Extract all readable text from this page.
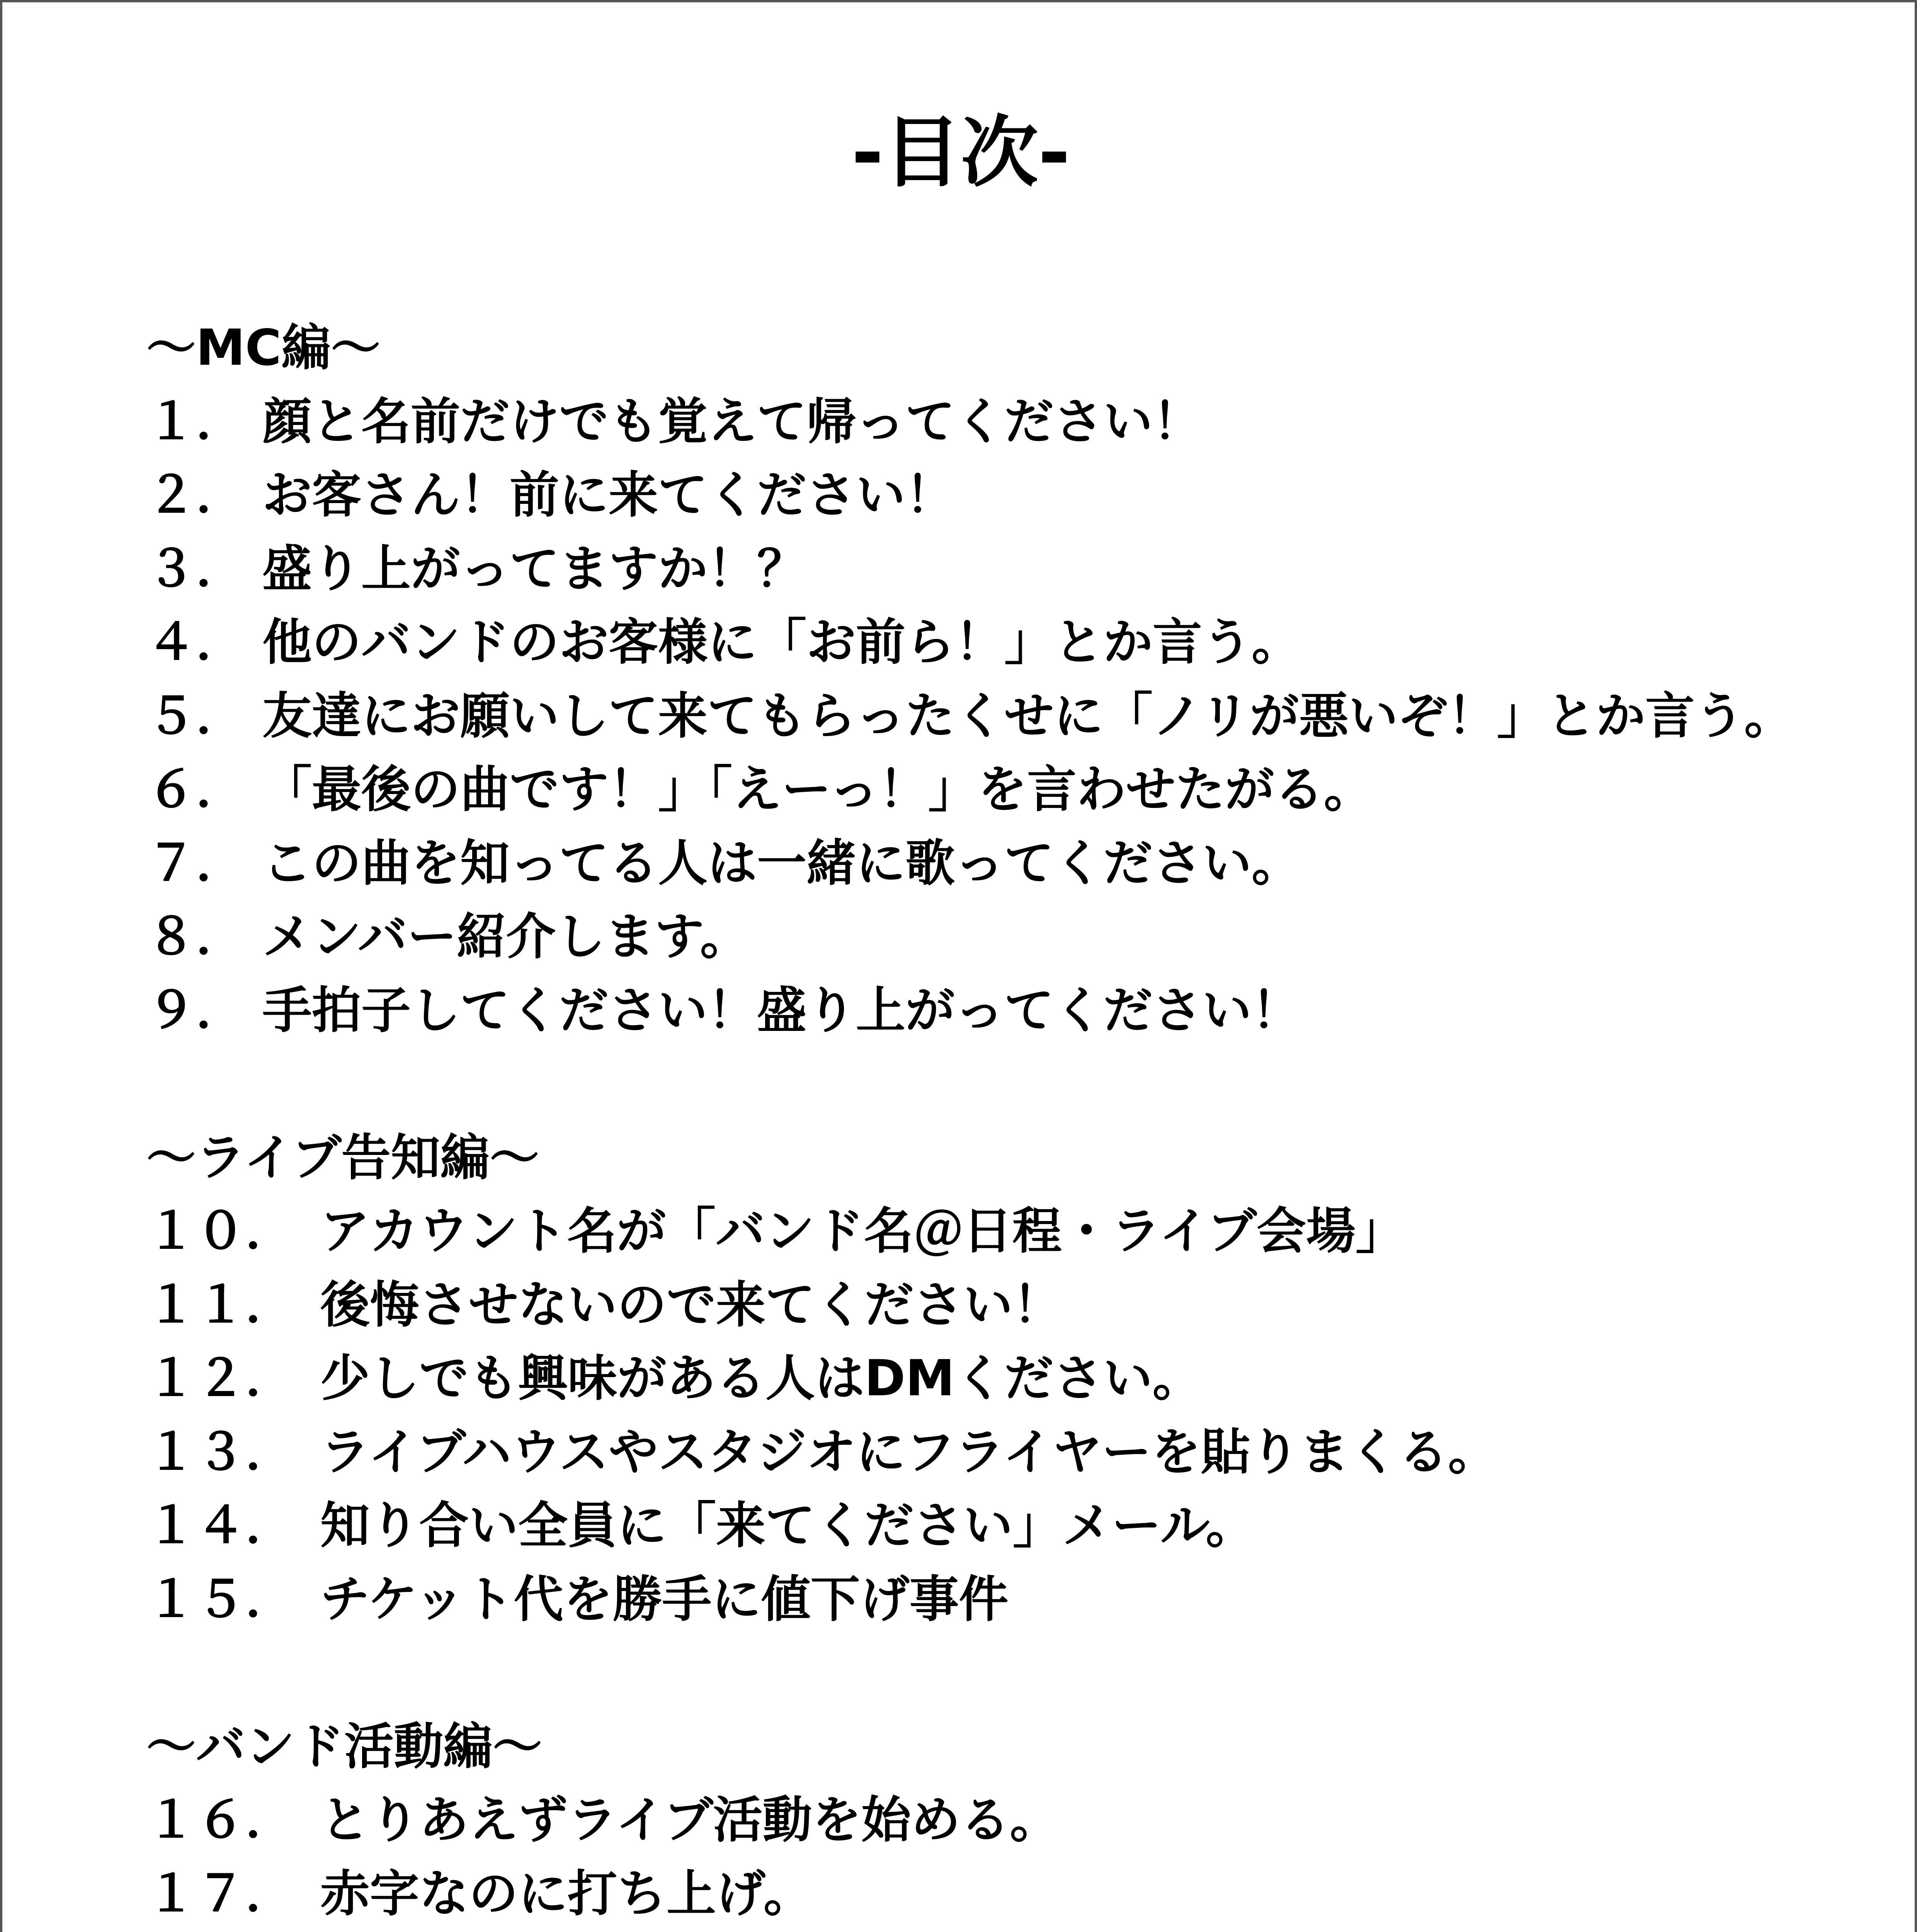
-目次-
～MC編～
１． 顔と名前だけでも覚えて帰ってください！
２． お客さん！前に来てください！
３． 盛り上がってますか！？
４． 他のバンドのお客様に「お前ら！」とか言う。
５． 友達にお願いして来てもらったくせに「ノリが悪いぞ！」とか言う。
６． 「最後の曲です！」「えーっ！」を言わせたがる。
７． この曲を知ってる人は一緒に歌ってください。
８． メンバー紹介します。
９． 手拍子してください！盛り上がってください！
～ライブ告知編～
１０． アカウント名が「バンド名＠日程・ライブ会場」
１１． 後悔させないので来てください！
１２． 少しでも興味がある人はDMください。
１３． ライブハウスやスタジオにフライヤーを貼りまくる。
１４． 知り合い全員に「来てください」メール。
１５． チケット代を勝手に値下げ事件
～バンド活動編～
１６． とりあえずライブ活動を始める。
１７． 赤字なのに打ち上げ。
